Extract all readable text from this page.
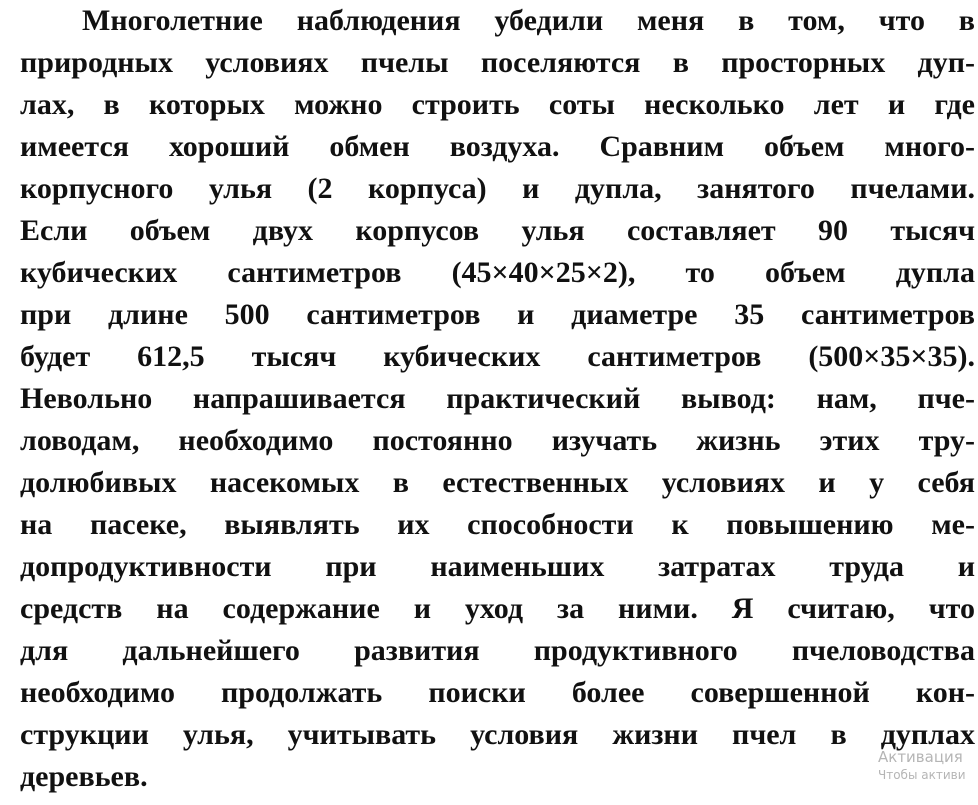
Многолетние наблюдения убедили меня в том, что в
природных условиях пчелы поселяются в просторных дуп-
лах, в которых можно строить соты несколько лет и где
имеется хороший обмен воздуха. Сравним объем много-
корпусного улья (2 корпуса) и дупла, занятого пчелами.
Если объем двух корпусов улья составляет 90 тысяч
кубических сантиметров (45×40×25×2), то объем дупла
при длине 500 сантиметров и диаметре 35 сантиметров
будет 612,5 тысяч кубических сантиметров (500×35×35).
Невольно напрашивается практический вывод: нам, пче-
ловодам, необходимо постоянно изучать жизнь этих тру-
долюбивых насекомых в естественных условиях и у себя
на пасеке, выявлять их способности к повышению ме-
допродуктивности при наименьших затратах труда и
средств на содержание и уход за ними. Я считаю, что
для дальнейшего развития продуктивного пчеловодства
необходимо продолжать поиски более совершенной кон-
струкции улья, учитывать условия жизни пчел в дуплах
деревьев.
Активация
Чтобы активи
